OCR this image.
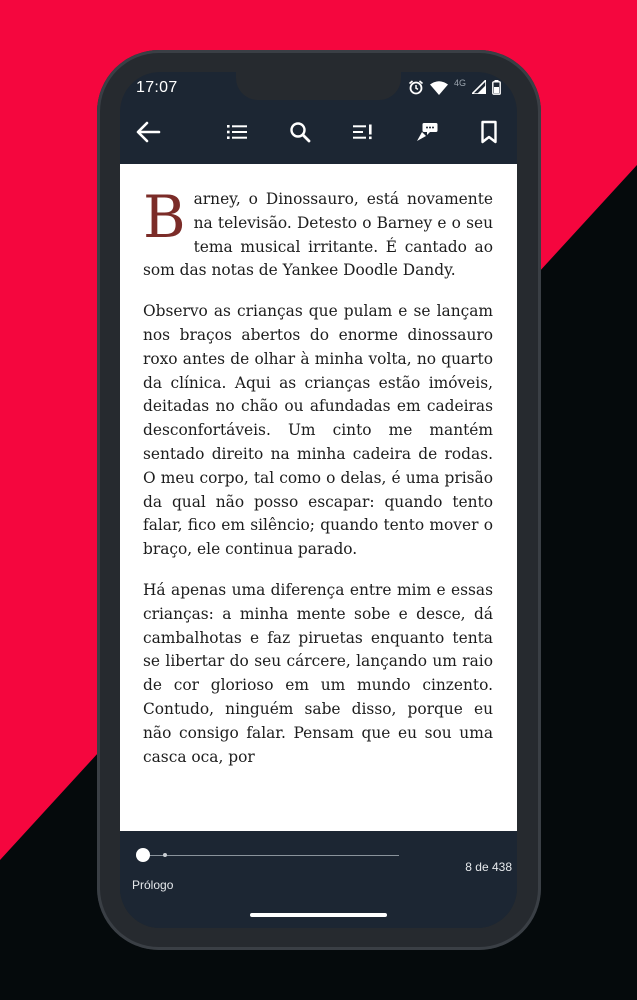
17:07	4G

Barney, o Dinossauro, está novamente na televisão. Detesto o Barney e o seu tema musical irritante. É cantado ao som das notas de Yankee Doodle Dandy.

Observo as crianças que pulam e se lançam nos braços abertos do enorme dinossauro roxo antes de olhar à minha volta, no quarto da clínica. Aqui as crianças estão imóveis, deitadas no chão ou afundadas em cadeiras desconfortáveis. Um cinto me mantém sentado direito na minha cadeira de rodas. O meu corpo, tal como o delas, é uma prisão da qual não posso escapar: quando tento falar, fico em silêncio; quando tento mover o braço, ele continua parado.

Há apenas uma diferença entre mim e essas crianças: a minha mente sobe e desce, dá cambalhotas e faz piruetas enquanto tenta se libertar do seu cárcere, lançando um raio de cor glorioso em um mundo cinzento. Contudo, ninguém sabe disso, porque eu não consigo falar. Pensam que eu sou uma casca oca, por

Prólogo
8 de 438
